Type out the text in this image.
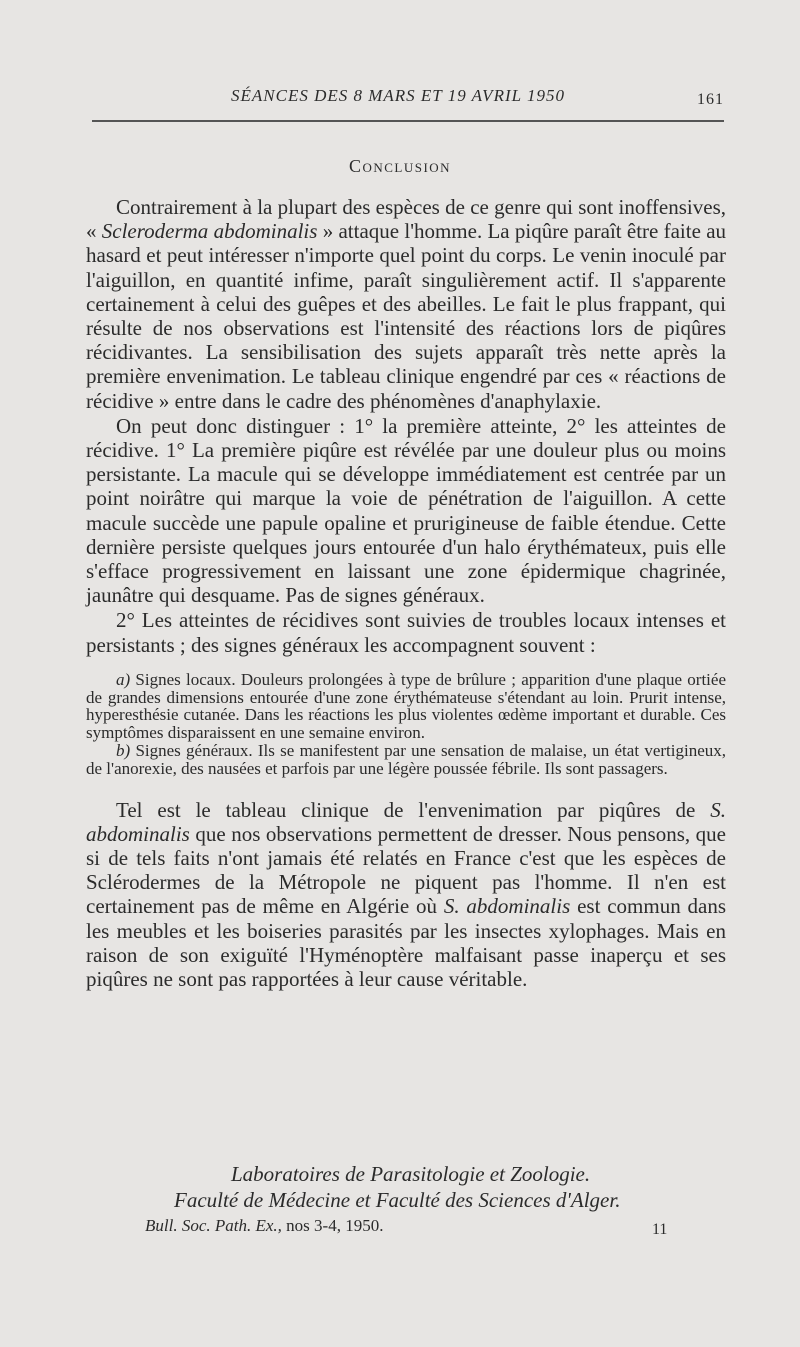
SÉANCES DES 8 MARS ET 19 AVRIL 1950	161
Conclusion

Contrairement à la plupart des espèces de ce genre qui sont inoffensives, « Scleroderma abdominalis » attaque l'homme. La piqûre paraît être faite au hasard et peut intéresser n'importe quel point du corps. Le venin inoculé par l'aiguillon, en quantité infime, paraît singulièrement actif. Il s'apparente certainement à celui des guêpes et des abeilles. Le fait le plus frappant, qui résulte de nos observations est l'intensité des réactions lors de piqûres récidivantes. La sensibilisation des sujets apparaît très nette après la première envenimation. Le tableau clinique engendré par ces « réactions de récidive » entre dans le cadre des phénomènes d'anaphylaxie.

On peut donc distinguer : 1° la première atteinte, 2° les atteintes de récidive. 1° La première piqûre est révélée par une douleur plus ou moins persistante. La macule qui se développe immédiatement est centrée par un point noirâtre qui marque la voie de pénétration de l'aiguillon. A cette macule succède une papule opaline et prurigineuse de faible étendue. Cette dernière persiste quelques jours entourée d'un halo érythémateux, puis elle s'efface progressivement en laissant une zone épidermique chagrinée, jaunâtre qui desquame. Pas de signes généraux.

2° Les atteintes de récidives sont suivies de troubles locaux intenses et persistants ; des signes généraux les accompagnent souvent :

a) Signes locaux. Douleurs prolongées à type de brûlure ; apparition d'une plaque ortiée de grandes dimensions entourée d'une zone érythémateuse s'étendant au loin. Prurit intense, hyperesthésie cutanée. Dans les réactions les plus violentes œdème important et durable. Ces symptômes disparaissent en une semaine environ.

b) Signes généraux. Ils se manifestent par une sensation de malaise, un état vertigineux, de l'anorexie, des nausées et parfois par une légère poussée fébrile. Ils sont passagers.

Tel est le tableau clinique de l'envenimation par piqûres de S. abdominalis que nos observations permettent de dresser. Nous pensons, que si de tels faits n'ont jamais été relatés en France c'est que les espèces de Sclérodermes de la Métropole ne piquent pas l'homme. Il n'en est certainement pas de même en Algérie où S. abdominalis est commun dans les meubles et les boiseries parasités par les insectes xylophages. Mais en raison de son exiguïté l'Hyménoptère malfaisant passe inaperçu et ses piqûres ne sont pas rapportées à leur cause véritable.

Laboratoires de Parasitologie et Zoologie.
Faculté de Médecine et Faculté des Sciences d'Alger.
Bull. Soc. Path. Ex., nos 3-4, 1950.	11
